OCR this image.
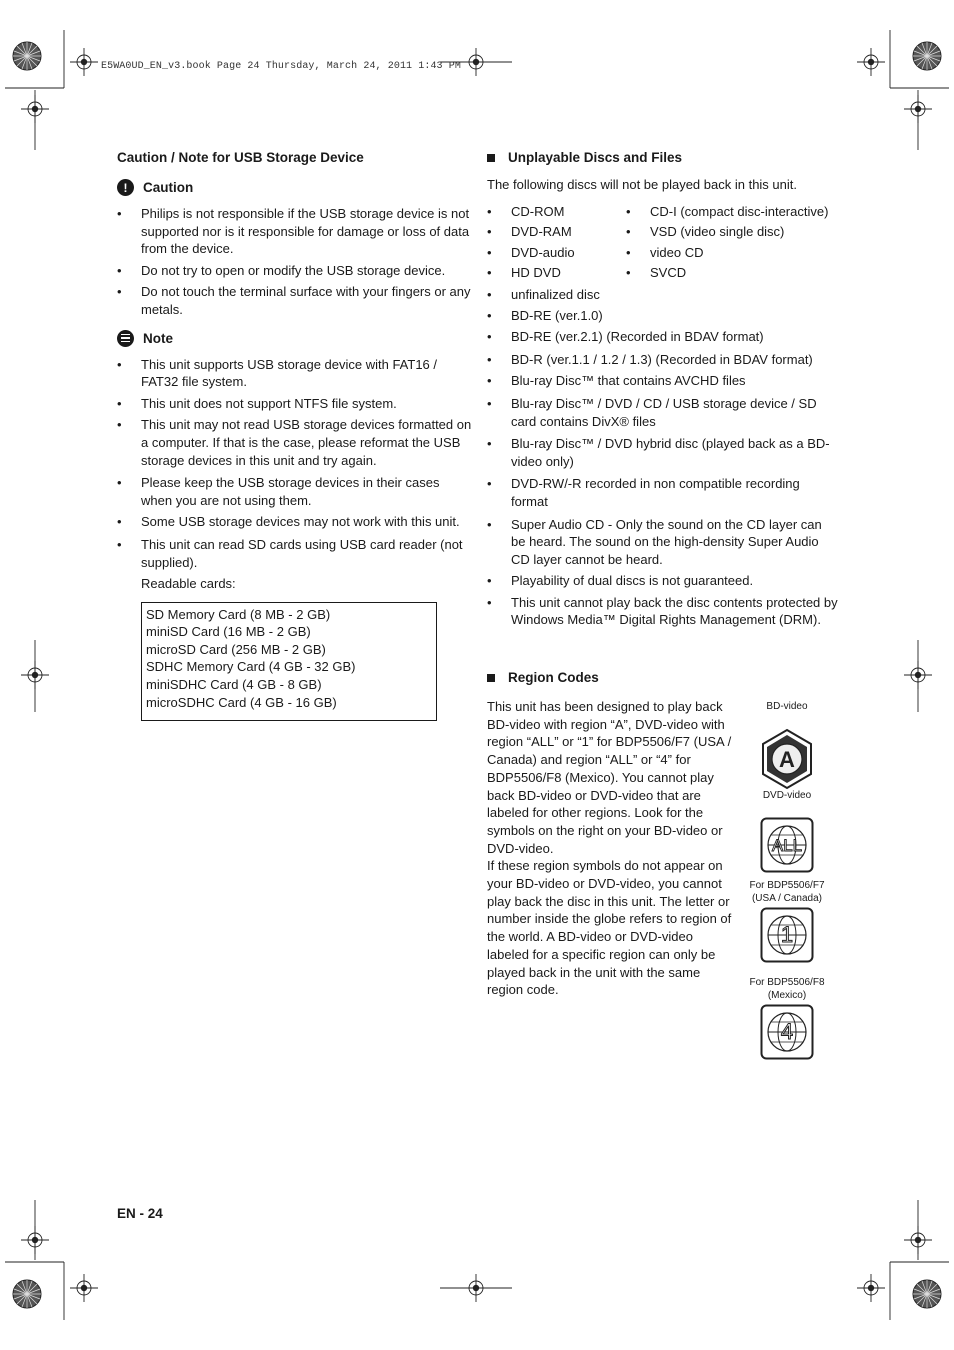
E5WA0UD_EN_v3.book Page 24 Thursday, March 24, 2011 1:43 PM
Caution / Note for USB Storage Device
!	Caution
• Philips is not responsible if the USB storage device is not supported nor is it responsible for damage or loss of data from the device.
• Do not try to open or modify the USB storage device.
• Do not touch the terminal surface with your fingers or any metals.
Note
• This unit supports USB storage device with FAT16 / FAT32 file system.
• This unit does not support NTFS file system.
• This unit may not read USB storage devices formatted on a computer. If that is the case, please reformat the USB storage devices in this unit and try again.
• Please keep the USB storage devices in their cases when you are not using them.
• Some USB storage devices may not work with this unit.
• This unit can read SD cards using USB card reader (not supplied).
Readable cards:
SD Memory Card (8 MB - 2 GB)
miniSD Card (16 MB - 2 GB)
microSD Card (256 MB - 2 GB)
SDHC Memory Card (4 GB - 32 GB)
miniSDHC Card (4 GB - 8 GB)
microSDHC Card (4 GB - 16 GB)
Unplayable Discs and Files
The following discs will not be played back in this unit.
• CD-ROM
• DVD-RAM
• DVD-audio
• HD DVD
• CD-I (compact disc-interactive)
• VSD (video single disc)
• video CD
• SVCD
• unfinalized disc
• BD-RE (ver.1.0)
• BD-RE (ver.2.1) (Recorded in BDAV format)
• BD-R (ver.1.1 / 1.2 / 1.3) (Recorded in BDAV format)
• Blu-ray Disc™ that contains AVCHD files
• Blu-ray Disc™ / DVD / CD / USB storage device / SD card contains DivX® files
• Blu-ray Disc™ / DVD hybrid disc (played back as a BD-video only)
• DVD-RW/-R recorded in non compatible recording format
• Super Audio CD - Only the sound on the CD layer can be heard. The sound on the high-density Super Audio CD layer cannot be heard.
• Playability of dual discs is not guaranteed.
• This unit cannot play back the disc contents protected by Windows Media™ Digital Rights Management (DRM).
Region Codes
This unit has been designed to play back BD-video with region “A”, DVD-video with region “ALL” or “1” for BDP5506/F7 (USA / Canada) and region “ALL” or “4” for BDP5506/F8 (Mexico). You cannot play back BD-video or DVD-video that are labeled for other regions. Look for the symbols on the right on your BD-video or DVD-video.
If these region symbols do not appear on your BD-video or DVD-video, you cannot play back the disc in this unit. The letter or number inside the globe refers to region of the world. A BD-video or DVD-video labeled for a specific region can only be played back in the unit with the same region code.
BD-video
A
DVD-video
ALL
For BDP5506/F7
(USA / Canada)
1
For BDP5506/F8
(Mexico)
4
EN - 24
